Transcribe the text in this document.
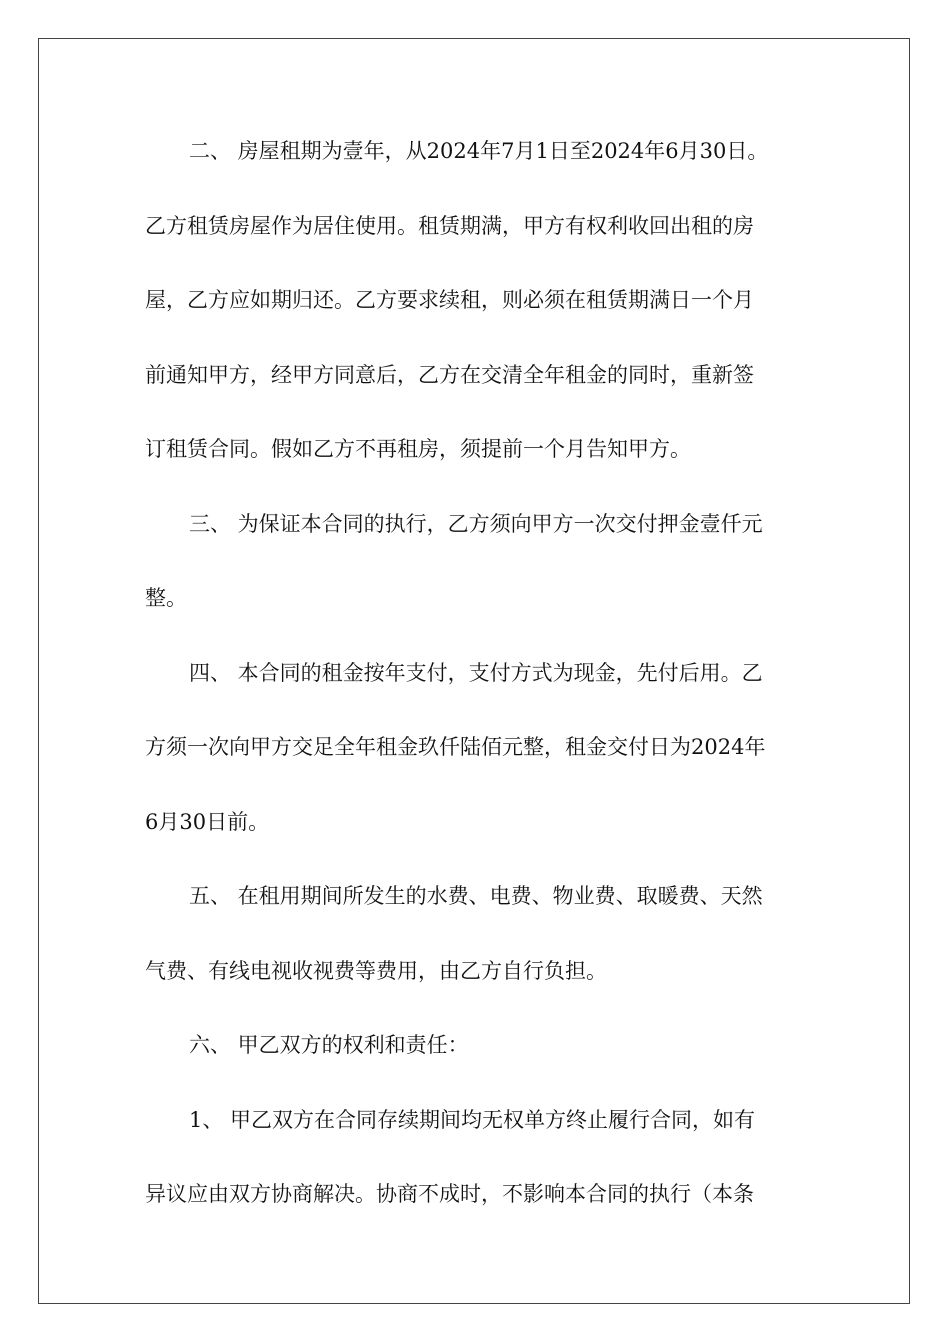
二、 房屋租期为壹年，从2024年7月1日至2024年6月30日。
乙方租赁房屋作为居住使用。租赁期满，甲方有权利收回出租的房
屋，乙方应如期归还。乙方要求续租，则必须在租赁期满日一个月
前通知甲方，经甲方同意后，乙方在交清全年租金的同时，重新签
订租赁合同。假如乙方不再租房，须提前一个月告知甲方。
三、 为保证本合同的执行，乙方须向甲方一次交付押金壹仟元
整。
四、 本合同的租金按年支付，支付方式为现金，先付后用。乙
方须一次向甲方交足全年租金玖仟陆佰元整，租金交付日为2024年
6月30日前。
五、 在租用期间所发生的水费、电费、物业费、取暖费、天然
气费、有线电视收视费等费用，由乙方自行负担。
六、 甲乙双方的权利和责任：
1、 甲乙双方在合同存续期间均无权单方终止履行合同，如有
异议应由双方协商解决。协商不成时，不影响本合同的执行（本条
